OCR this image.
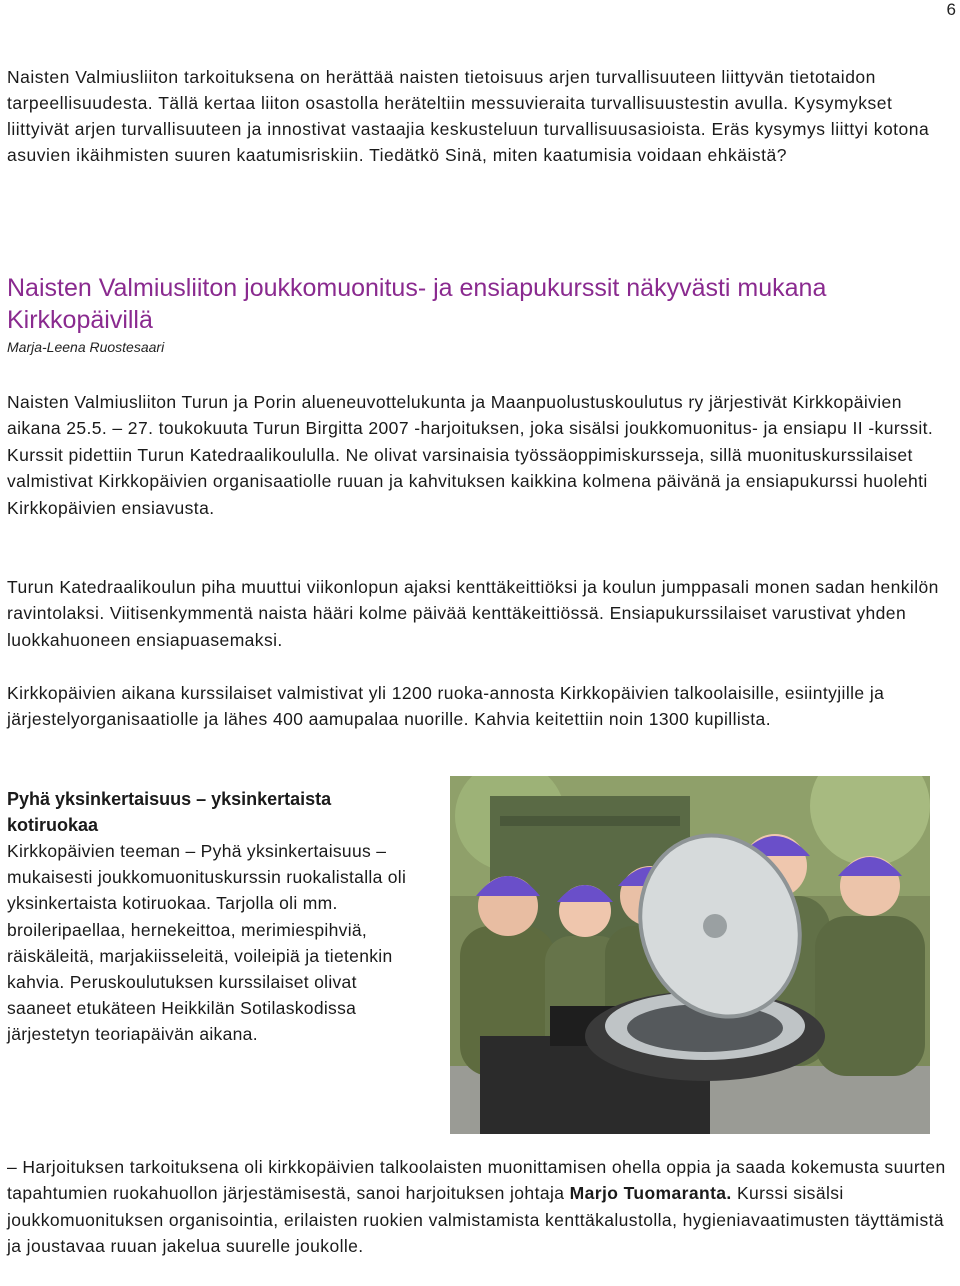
6

Naisten Valmiusliiton tarkoituksena on herättää naisten tietoisuus arjen turvallisuuteen liittyvän tietotaidon tarpeellisuudesta. Tällä kertaa liiton osastolla heräteltiin messuvieraita turvallisuustestin avulla. Kysymykset liittyivät arjen turvallisuuteen ja innostivat vastaajia keskusteluun turvallisuusasioista. Eräs kysymys liittyi kotona asuvien ikäihmisten suuren kaatumisriskiin. Tiedätkö Sinä, miten kaatumisia voidaan ehkäistä?

Naisten Valmiusliiton joukkomuonitus- ja ensiapukurssit näkyvästi mukana Kirkkopäivillä

Marja-Leena Ruostesaari

Naisten Valmiusliiton Turun ja Porin alueneuvottelukunta ja Maanpuolustuskoulutus ry järjestivät Kirkkopäivien aikana 25.5. – 27. toukokuuta Turun Birgitta 2007 -harjoituksen, joka sisälsi joukkomuonitus- ja ensiapu II -kurssit. Kurssit pidettiin Turun Katedraalikoululla. Ne olivat varsinaisia työssäoppimiskursseja, sillä muonituskurssilaiset valmistivat Kirkkopäivien organisaatiolle ruuan ja kahvituksen kaikkina kolmena päivänä ja ensiapukurssi huolehti Kirkkopäivien ensiavusta.

Turun Katedraalikoulun piha muuttui viikonlopun ajaksi kenttäkeittiöksi ja koulun jumppasali monen sadan henkilön ravintolaksi. Viitisenkymmentä naista hääri kolme päivää kenttäkeittiössä. Ensiapukurssilaiset varustivat yhden luokkahuoneen ensiapuasemaksi.

Kirkkopäivien aikana kurssilaiset valmistivat yli 1200 ruoka-annosta Kirkkopäivien talkoolaisille, esiintyjille ja järjestelyorganisaatiolle ja lähes 400 aamupalaa nuorille. Kahvia keitettiin noin 1300 kupillista.

Pyhä yksinkertaisuus – yksinkertaista kotiruokaa

Kirkkopäivien teeman – Pyhä yksinkertaisuus – mukaisesti joukkomuonituskurssin ruokalistalla oli yksinkertaista kotiruokaa. Tarjolla oli mm. broileripaellaa, hernekeittoa, merimiespihviä, räiskäleitä, marjakiisseleitä, voileipiä ja tietenkin kahvia. Peruskoulutuksen kurssilaiset olivat saaneet etukäteen Heikkilän Sotilaskodissa järjestetyn teoriapäivän aikana.

– Harjoituksen tarkoituksena oli kirkkopäivien talkoolaisten muonittamisen ohella oppia ja saada kokemusta suurten tapahtumien ruokahuollon järjestämisestä, sanoi harjoituksen johtaja Marjo Tuomaranta. Kurssi sisälsi joukkomuonituksen organisointia, erilaisten ruokien valmistamista kenttäkalustolla, hygieniavaatimusten täyttämistä ja joustavaa ruuan jakelua suurelle joukolle.
